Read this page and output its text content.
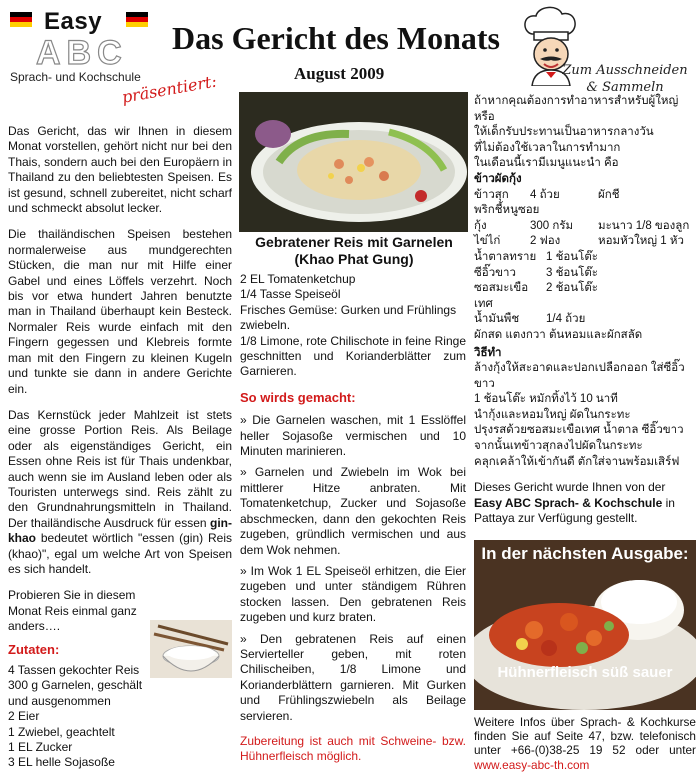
Easy
ABC
Sprach- und Kochschule
präsentiert:
Das Gericht des Monats
August 2009	Zum Ausschneiden
& Sammeln

Das Gericht, das wir Ihnen in diesem Monat vorstellen, gehört nicht nur bei den Thais, sondern auch bei den Europäern in Thailand zu den beliebtesten Speisen. Es ist gesund, schnell zubereitet, nicht scharf und schmeckt absolut lecker.

Die thailändischen Speisen bestehen normalerweise aus mundgerechten Stücken, die man nur mit Hilfe einer Gabel und eines Löffels verzehrt. Noch bis vor etwa hundert Jahren benutzte man in Thailand überhaupt kein Besteck. Normaler Reis wurde einfach mit den Fingern gegessen und Klebreis formte man mit den Fingern zu kleinen Kugeln und tunkte sie dann in andere Gerichte ein.

Das Kernstück jeder Mahlzeit ist stets eine grosse Portion Reis. Als Beilage oder als eigenständiges Gericht, ein Essen ohne Reis ist für Thais undenkbar, auch wenn sie im Ausland leben oder als Touristen unterwegs sind. Reis zählt zu den Grundnahrungsmitteln in Thailand. Der thailändische Ausdruck für essen gin-khao bedeutet wörtlich "essen (gin) Reis (khao)", egal um welche Art von Speisen es sich handelt.

Probieren Sie in diesem Monat Reis einmal ganz anders….

Zutaten:
4 Tassen gekochter Reis
300 g Garnelen, geschält und ausgenommen
2 Eier
1 Zwiebel, geachtelt
1 EL Zucker
3 EL helle Sojasoße
Gebratener Reis mit Garnelen
(Khao Phat Gung)
2 EL Tomatenketchup
1/4 Tasse Speiseöl
Frisches Gemüse: Gurken und Frühlings zwiebeln.
1/8 Limone, rote Chilischote in feine Ringe geschnitten und Korianderblätter zum Garnieren.
So wirds gemacht:

» Die Garnelen waschen, mit 1 Esslöffel heller Sojasoße vermischen und 10 Minuten marinieren.

» Garnelen und Zwiebeln im Wok bei mittlerer Hitze anbraten. Mit Tomatenketchup, Zucker und Sojasoße abschmecken, dann den gekochten Reis zugeben, gründlich vermischen und aus dem Wok nehmen.

» Im Wok 1 EL Speiseöl erhitzen, die Eier zugeben und unter ständigem Rühren stocken lassen. Den gebratenen Reis zugeben und kurz braten.

» Den gebratenen Reis auf einen Servierteller geben, mit roten Chilischeiben, 1/8 Limone und Korianderblättern garnieren. Mit Gurken und Frühlingszwiebeln als Beilage servieren.

Zubereitung ist auch mit Schweine- bzw. Hühnerfleisch möglich.

ถ้าหากคุณต้องการทำอาหารสำหรับผู้ใหญ่ หรือ
ให้เด็กรับประทานเป็นอาหารกลางวัน
ที่ไม่ต้องใช้เวลาในการทำมาก
ในเดือนนี้เรามีเมนูแนะนำ คือ
ข้าวผัดกุ้ง
ข้าวสุก	4 ถ้วย	ผักชี
พริกชี้หนูซอย
กุ้ง	300 กรัม	มะนาว 1/8 ของลูก
ไข่ไก่	2 ฟอง	หอมหัวใหญ่ 1 หัว
น้ำตาลทราย 1 ช้อนโต๊ะ
ซีอิ๊วขาว	3 ช้อนโต๊ะ
ซอสมะเขือเทศ
2 ช้อนโต๊ะ
น้ำมันพืช	1/4 ถ้วย
ผักสด แตงกวา ต้นหอมและผักสลัด
วิธีทำ
ล้างกุ้งให้สะอาดและปอกเปลือกออก ใส่ซีอิ๊วขาว
1 ช้อนโต๊ะ หมักทิ้งไว้ 10 นาที
นำกุ้งและหอมใหญ่ ผัดในกระทะ
ปรุงรสด้วยซอสมะเขือเทศ น้ำตาล ซีอิ๊วขาว
จากนั้นเทข้าวสุกลงไปผัดในกระทะ
คลุกเคล้าให้เข้ากันดี ตักใส่จานพร้อมเสิร์ฟ
Dieses Gericht wurde Ihnen von der Easy ABC Sprach- & Kochschule in Pattaya zur Verfügung gestellt.
In der nächsten Ausgabe:
Hühnerfleisch süß sauer
Weitere Infos über Sprach- & Kochkurse finden Sie auf Seite 47, bzw. telefonisch unter +66-(0)38-25 19 52 oder unter www.easy-abc-th.com
